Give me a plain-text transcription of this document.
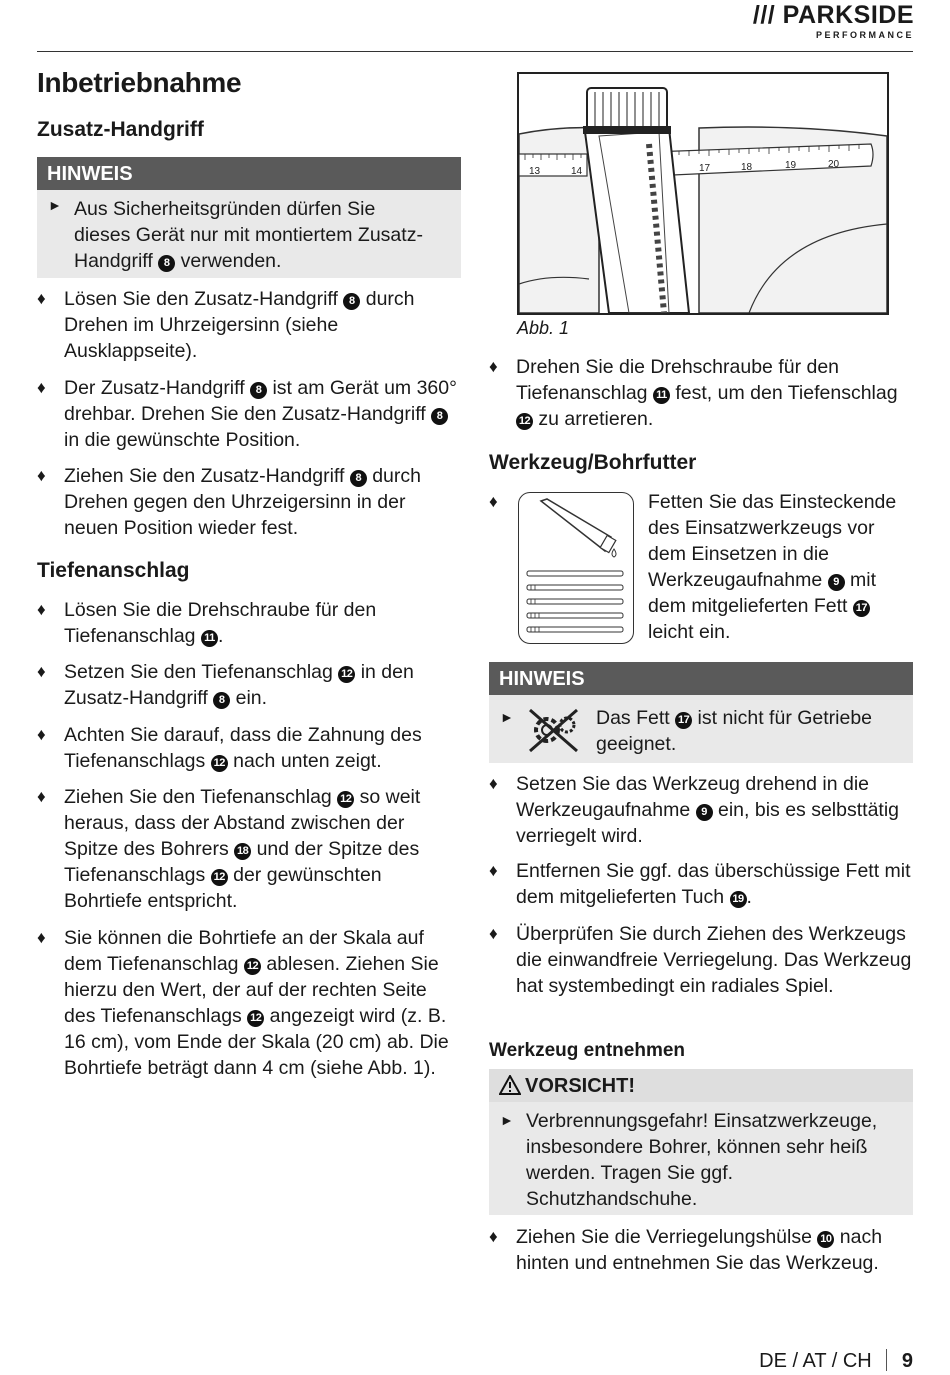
/// PARKSIDE
PERFORMANCE
Inbetriebnahme
Zusatz-Handgriff
HINWEIS
► Aus Sicherheitsgründen dürfen Sie dieses Gerät nur mit montiertem Zusatz-Handgriff 8 verwenden.
♦ Lösen Sie den Zusatz-Handgriff 8 durch Drehen im Uhrzeigersinn (siehe Ausklappseite).
♦ Der Zusatz-Handgriff 8 ist am Gerät um 360° drehbar. Drehen Sie den Zusatz-Handgriff 8 in die gewünschte Position.
♦ Ziehen Sie den Zusatz-Handgriff 8 durch Drehen gegen den Uhrzeigersinn in der neuen Position wieder fest.
Tiefenanschlag
♦ Lösen Sie die Drehschraube für den Tiefenanschlag 11 .
♦ Setzen Sie den Tiefenanschlag 12 in den Zusatz-Handgriff 8 ein.
♦ Achten Sie darauf, dass die Zahnung des Tiefenanschlags 12 nach unten zeigt.
♦ Ziehen Sie den Tiefenanschlag 12 so weit heraus, dass der Abstand zwischen der Spitze des Bohrers 18 und der Spitze des Tiefenanschlags 12 der gewünschten Bohrtiefe entspricht.
♦ Sie können die Bohrtiefe an der Skala auf dem Tiefenanschlag 12 ablesen. Ziehen Sie hierzu den Wert, der auf der rechten Seite des Tiefenanschlags 12 angezeigt wird (z. B. 16 cm), vom Ende der Skala (20 cm) ab. Die Bohrtiefe beträgt dann 4 cm (siehe Abb. 1).
13	14	17	18	19	20
Abb. 1
♦ Drehen Sie die Drehschraube für den Tiefenanschlag 11 fest, um den Tiefenschlag 12 zu arretieren.
Werkzeug/Bohrfutter
♦	Fetten Sie das Einsteckende des Einsatzwerkzeugs vor dem Einsetzen in die Werkzeugaufnahme 9 mit dem mitgelieferten Fett 17 leicht ein.
HINWEIS
►	Das Fett 17 ist nicht für Getriebe geeignet.
♦ Setzen Sie das Werkzeug drehend in die Werkzeugaufnahme 9 ein, bis es selbsttätig verriegelt wird.
♦ Entfernen Sie ggf. das überschüssige Fett mit dem mitgelieferten Tuch 19 .
♦ Überprüfen Sie durch Ziehen des Werkzeugs die einwandfreie Verriegelung. Das Werkzeug hat systembedingt ein radiales Spiel.
Werkzeug entnehmen
VORSICHT!
► Verbrennungsgefahr! Einsatzwerkzeuge, insbesondere Bohrer, können sehr heiß werden. Tragen Sie ggf. Schutzhandschuhe.
♦ Ziehen Sie die Verriegelungshülse 10 nach hinten und entnehmen Sie das Werkzeug.
DE / AT / CH 9
